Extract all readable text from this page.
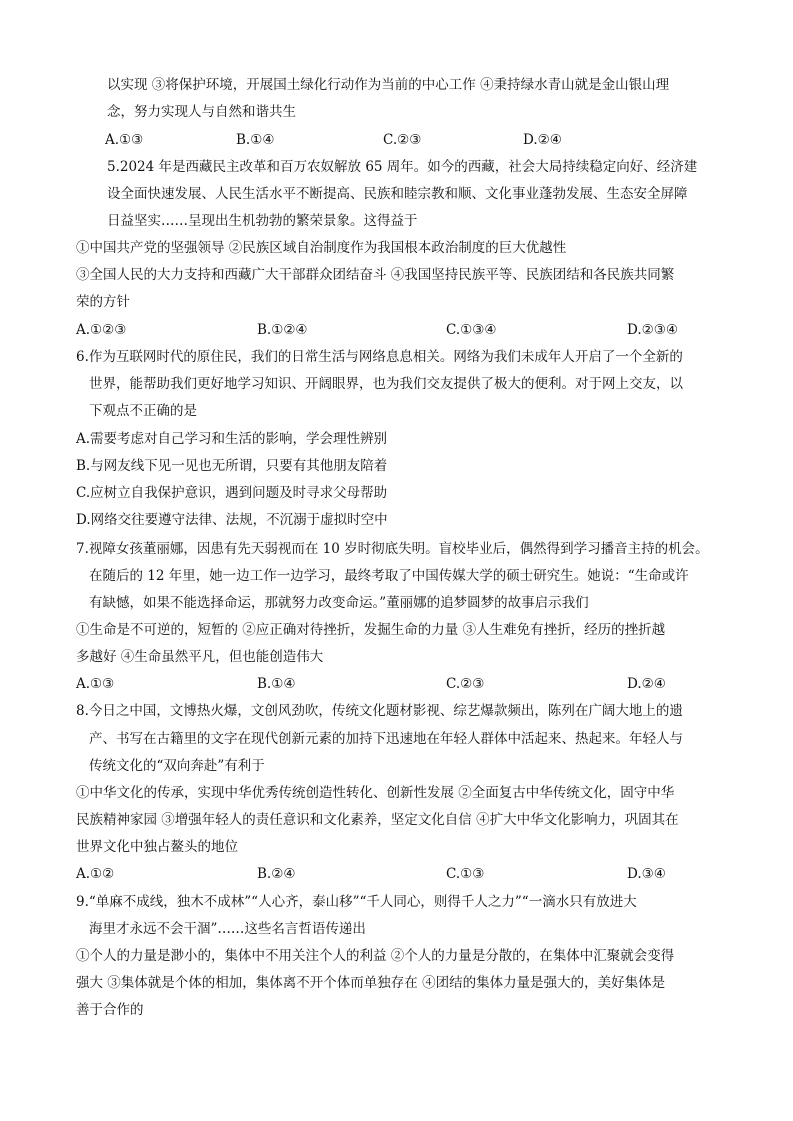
以实现 ③将保护环境，开展国土绿化行动作为当前的中心工作 ④秉持绿水青山就是金山银山理
念，努力实现人与自然和谐共生
A.①③	B.①④	C.②③	D.②④
5.2024 年是西藏民主改革和百万农奴解放 65 周年。如今的西藏，社会大局持续稳定向好、经济建
设全面快速发展、人民生活水平不断提高、民族和睦宗教和顺、文化事业蓬勃发展、生态安全屏障
日益坚实……呈现出生机勃勃的繁荣景象。这得益于
①中国共产党的坚强领导 ②民族区域自治制度作为我国根本政治制度的巨大优越性
③全国人民的大力支持和西藏广大干部群众团结奋斗 ④我国坚持民族平等、民族团结和各民族共同繁
荣的方针
A.①②③	B.①②④	C.①③④	D.②③④
6.作为互联网时代的原住民，我们的日常生活与网络息息相关。网络为我们未成年人开启了一个全新的
世界，能帮助我们更好地学习知识、开阔眼界，也为我们交友提供了极大的便利。对于网上交友，以
下观点不正确的是
A.需要考虑对自己学习和生活的影响，学会理性辨别
B.与网友线下见一见也无所谓，只要有其他朋友陪着
C.应树立自我保护意识，遇到问题及时寻求父母帮助
D.网络交往要遵守法律、法规，不沉溺于虚拟时空中
7.视障女孩董丽娜，因患有先天弱视而在 10 岁时彻底失明。盲校毕业后，偶然得到学习播音主持的机会。
在随后的 12 年里，她一边工作一边学习，最终考取了中国传媒大学的硕士研究生。她说：“生命或许
有缺憾，如果不能选择命运，那就努力改变命运。”董丽娜的追梦圆梦的故事启示我们
①生命是不可逆的，短暂的 ②应正确对待挫折，发掘生命的力量 ③人生难免有挫折，经历的挫折越
多越好 ④生命虽然平凡，但也能创造伟大
A.①③	B.①④	C.②③	D.②④
8.今日之中国，文博热火爆，文创风劲吹，传统文化题材影视、综艺爆款频出，陈列在广阔大地上的遗
产、书写在古籍里的文字在现代创新元素的加持下迅速地在年轻人群体中活起来、热起来。年轻人与
传统文化的“双向奔赴”有利于
①中华文化的传承，实现中华优秀传统创造性转化、创新性发展 ②全面复古中华传统文化，固守中华
民族精神家园 ③增强年轻人的责任意识和文化素养，坚定文化自信 ④扩大中华文化影响力，巩固其在
世界文化中独占鳌头的地位
A.①②	B.②④	C.①③	D.③④
9.“单麻不成线，独木不成林”“人心齐，泰山移”“千人同心，则得千人之力”“一滴水只有放进大
海里才永远不会干涸”……这些名言哲语传递出
①个人的力量是渺小的，集体中不用关注个人的利益 ②个人的力量是分散的，在集体中汇聚就会变得
强大 ③集体就是个体的相加，集体离不开个体而单独存在 ④团结的集体力量是强大的，美好集体是
善于合作的
